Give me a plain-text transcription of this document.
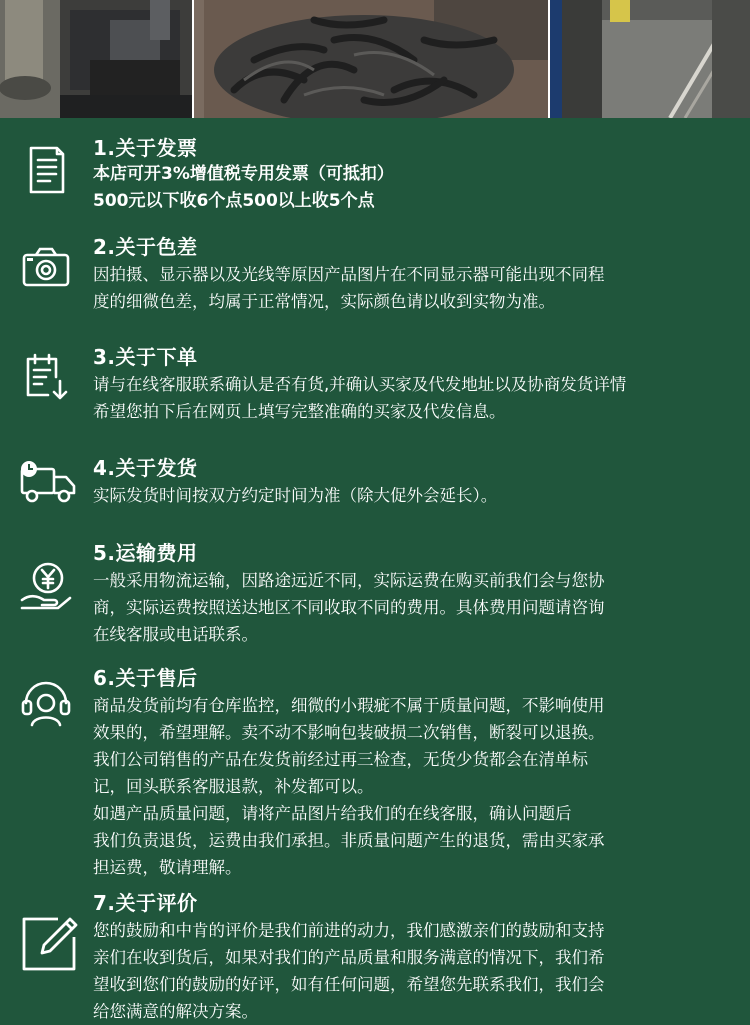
1.关于发票
本店可开3%增值税专用发票（可抵扣）
500元以下收6个点500以上收5个点
2.关于色差
因拍摄、显示器以及光线等原因产品图片在不同显示器可能出现不同程
度的细微色差，均属于正常情况，实际颜色请以收到实物为准。
3.关于下单
请与在线客服联系确认是否有货,并确认买家及代发地址以及协商发货详情
希望您拍下后在网页上填写完整准确的买家及代发信息。
4.关于发货
实际发货时间按双方约定时间为准（除大促外会延长）。
5.运输费用
一般采用物流运输，因路途远近不同，实际运费在购买前我们会与您协
商，实际运费按照送达地区不同收取不同的费用。具体费用问题请咨询
在线客服或电话联系。
6.关于售后
商品发货前均有仓库监控，细微的小瑕疵不属于质量问题，不影响使用
效果的，希望理解。卖不动不影响包装破损二次销售，断裂可以退换。
我们公司销售的产品在发货前经过再三检查，无货少货都会在清单标
记，回头联系客服退款，补发都可以。
如遇产品质量问题，请将产品图片给我们的在线客服，确认问题后
我们负责退货，运费由我们承担。非质量问题产生的退货，需由买家承
担运费，敬请理解。
7.关于评价
您的鼓励和中肯的评价是我们前进的动力，我们感激亲们的鼓励和支持
亲们在收到货后，如果对我们的产品质量和服务满意的情况下，我们希
望收到您们的鼓励的好评，如有任何问题，希望您先联系我们，我们会
给您满意的解决方案。
